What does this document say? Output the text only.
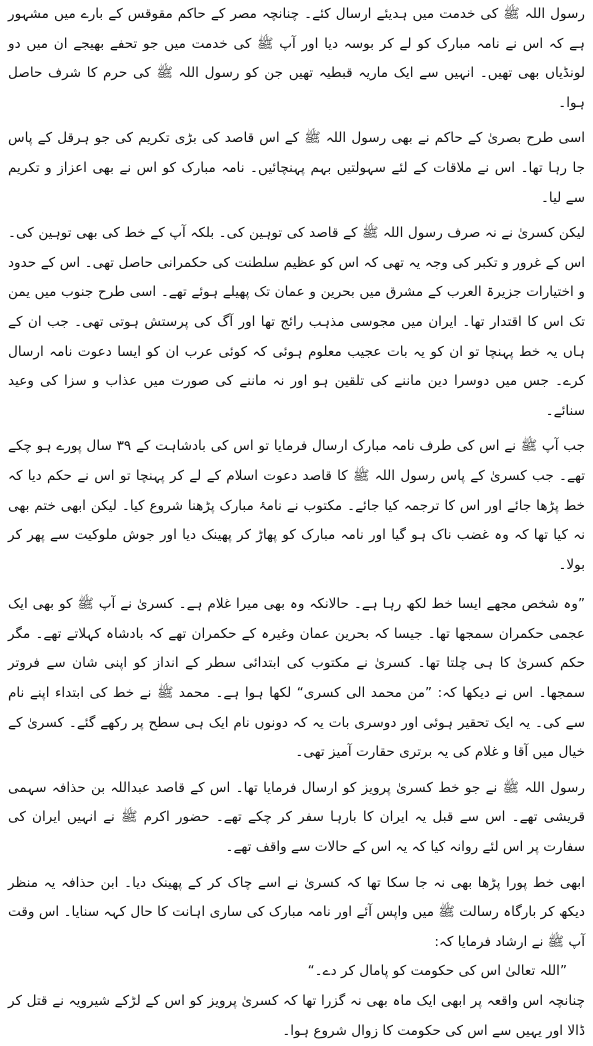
رسول اللہ ﷺ کی خدمت میں ہدیئے ارسال کئے۔ چنانچہ مصر کے حاکم مقوقس کے بارے میں مشہور ہے کہ اس نے نامہ مبارک کو لے کر بوسہ دیا اور آپ ﷺ کی خدمت میں جو تحفے بھیجے ان میں دو لونڈیاں بھی تھیں۔ انہیں سے ایک ماریہ قبطیہ تھیں جن کو رسول اللہ ﷺ کی حرم کا شرف حاصل ہوا۔

اسی طرح بصریٰ کے حاکم نے بھی رسول اللہ ﷺ کے اس قاصد کی بڑی تکریم کی جو ہرقل کے پاس جا رہا تھا۔ اس نے ملاقات کے لئے سہولتیں بہم پہنچائیں۔ نامہ مبارک کو اس نے بھی اعزاز و تکریم سے لیا۔

لیکن کسریٰ نے نہ صرف رسول اللہ ﷺ کے قاصد کی توہین کی۔ بلکہ آپ کے خط کی بھی توہین کی۔ اس کے غرور و تکبر کی وجہ یہ تھی کہ اس کو عظیم سلطنت کی حکمرانی حاصل تھی۔ اس کے حدود و اختیارات جزیرۃ العرب کے مشرق میں بحرین و عمان تک پھیلے ہوئے تھے۔ اسی طرح جنوب میں یمن تک اس کا اقتدار تھا۔ ایران میں مجوسی مذہب رائج تھا اور آگ کی پرستش ہوتی تھی۔ جب ان کے ہاں یہ خط پہنچا تو ان کو یہ بات عجیب معلوم ہوئی کہ کوئی عرب ان کو ایسا دعوت نامہ ارسال کرے۔ جس میں دوسرا دین ماننے کی تلقین ہو اور نہ ماننے کی صورت میں عذاب و سزا کی وعید سنائے۔

جب آپ ﷺ نے اس کی طرف نامہ مبارک ارسال فرمایا تو اس کی بادشاہت کے ۳۹ سال پورے ہو چکے تھے۔ جب کسریٰ کے پاس رسول اللہ ﷺ کا قاصد دعوت اسلام کے لے کر پہنچا تو اس نے حکم دیا کہ خط پڑھا جائے اور اس کا ترجمہ کیا جائے۔ مکتوب نے نامۂ مبارک پڑھنا شروع کیا۔ لیکن ابھی ختم بھی نہ کیا تھا کہ وہ غضب ناک ہو گیا اور نامہ مبارک کو پھاڑ کر پھینک دیا اور جوش ملوکیت سے پھر کر بولا۔

”وہ شخص مجھے ایسا خط لکھ رہا ہے۔ حالانکہ وہ بھی میرا غلام ہے۔ کسریٰ نے آپ ﷺ کو بھی ایک عجمی حکمران سمجھا تھا۔ جیسا کہ بحرین عمان وغیرہ کے حکمران تھے کہ بادشاہ کہلاتے تھے۔ مگر حکم کسریٰ کا ہی چلتا تھا۔ کسریٰ نے مکتوب کی ابتدائی سطر کے انداز کو اپنی شان سے فروتر سمجھا۔ اس نے دیکھا کہ: ”من محمد الی کسری“ لکھا ہوا ہے۔ محمد ﷺ نے خط کی ابتداء اپنے نام سے کی۔ یہ ایک تحقیر ہوئی اور دوسری بات یہ کہ دونوں نام ایک ہی سطح پر رکھے گئے۔ کسریٰ کے خیال میں آقا و غلام کی یہ برتری حقارت آمیز تھی۔

رسول اللہ ﷺ نے جو خط کسریٰ پرویز کو ارسال فرمایا تھا۔ اس کے قاصد عبداللہ بن حذافہ سہمی قریشی تھے۔ اس سے قبل یہ ایران کا بارہا سفر کر چکے تھے۔ حضور اکرم ﷺ نے انہیں ایران کی سفارت پر اس لئے روانہ کیا کہ یہ اس کے حالات سے واقف تھے۔

ابھی خط پورا پڑھا بھی نہ جا سکا تھا کہ کسریٰ نے اسے چاک کر کے پھینک دیا۔ ابن حذافہ یہ منظر دیکھ کر بارگاہ رسالت ﷺ میں واپس آئے اور نامہ مبارک کی ساری اہانت کا حال کہہ سنایا۔ اس وقت آپ ﷺ نے ارشاد فرمایا کہ:

”اللہ تعالیٰ اس کی حکومت کو پامال کر دے۔“

چنانچہ اس واقعہ پر ابھی ایک ماہ بھی نہ گزرا تھا کہ کسریٰ پرویز کو اس کے لڑکے شیرویہ نے قتل کر ڈالا اور یہیں سے اس کی حکومت کا زوال شروع ہوا۔
